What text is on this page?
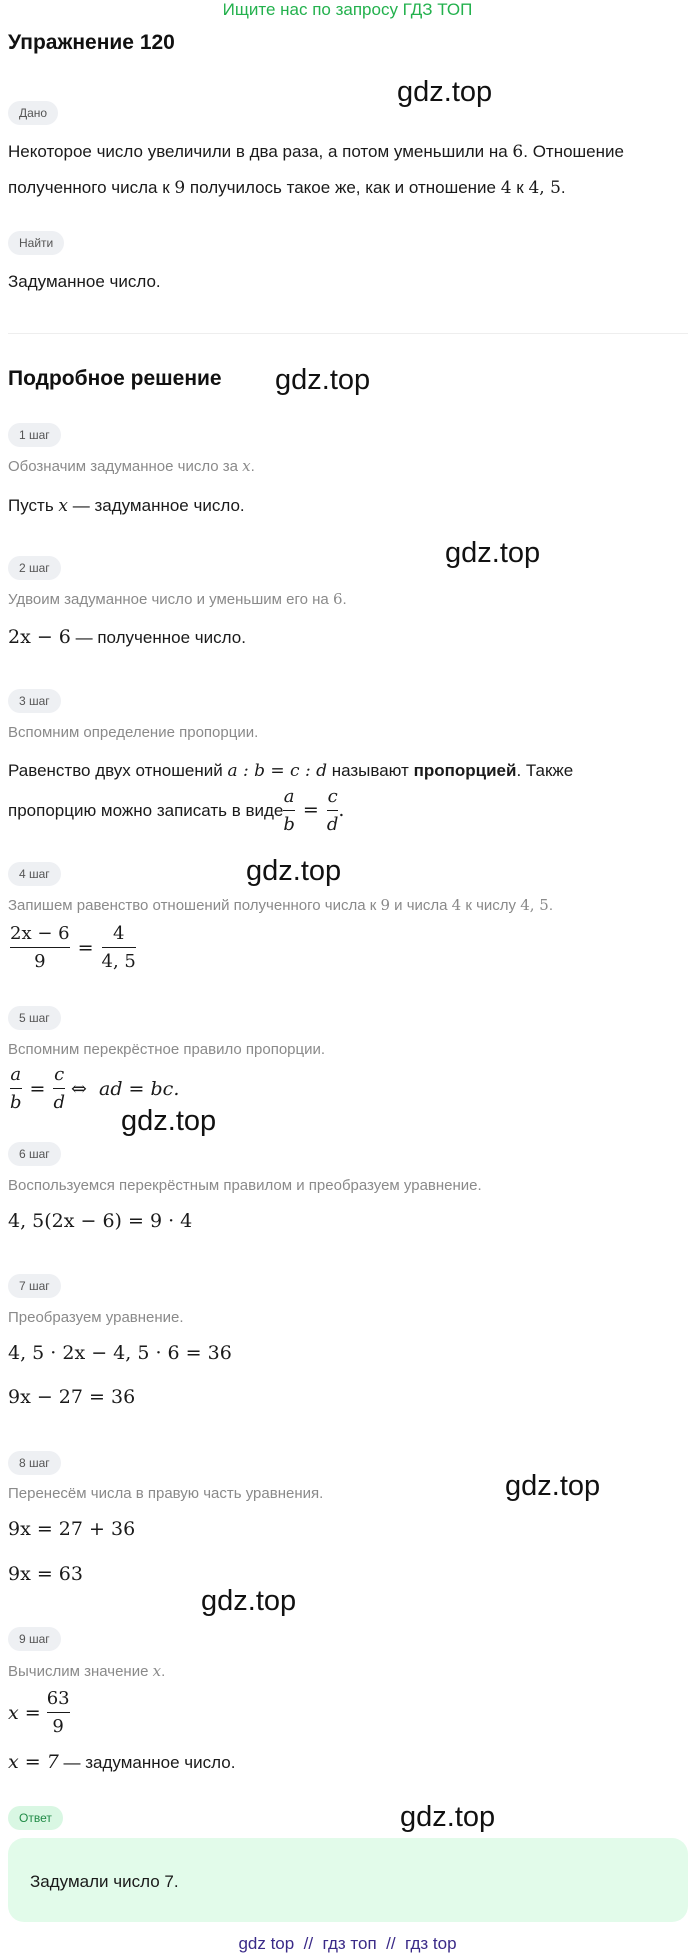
Ищите нас по запросу ГДЗ ТОП
Упражнение 120
gdz.top
Дано
Некоторое число увеличили в два раза, а потом уменьшили на 6. Отношение
полученного числа к 9 получилось такое же, как и отношение 4 к 4, 5.
Найти
Задуманное число.
Подробное решение gdz.top
1 шаг
Обозначим задуманное число за x.
Пусть x — задуманное число.
gdz.top
2 шаг
Удвоим задуманное число и уменьшим его на 6.
2x − 6 — полученное число.
3 шаг
Вспомним определение пропорции.
Равенство двух отношений a : b = c : d называют пропорцией. Также
пропорцию можно записать в виде $\frac{a}{b} = \frac{c}{d}$ .
gdz.top
4 шаг
Запишем равенство отношений полученного числа к 9 и числа 4 к числу 4, 5.
$\frac{2x - 6}{9} = \frac{4}{4, 5}$
5 шаг
Вспомним перекрёстное правило пропорции.
$\frac{a}{b} = \frac{c}{d}$ ⇔  ad = bc.
gdz.top
6 шаг
Воспользуемся перекрёстным правилом и преобразуем уравнение.
4, 5(2x − 6) = 9 · 4
7 шаг
Преобразуем уравнение.
4, 5 · 2x − 4, 5 · 6 = 36
9x − 27 = 36
8 шаг
Перенесём числа в правую часть уравнения.	gdz.top
9x = 27 + 36
9x = 63
gdz.top
9 шаг
Вычислим значение x.
$x = \frac{63}{9}$
x = 7 — задуманное число.
Ответ	gdz.top
Задумали число 7.
gdz top  //  гдз топ  //  гдз top
